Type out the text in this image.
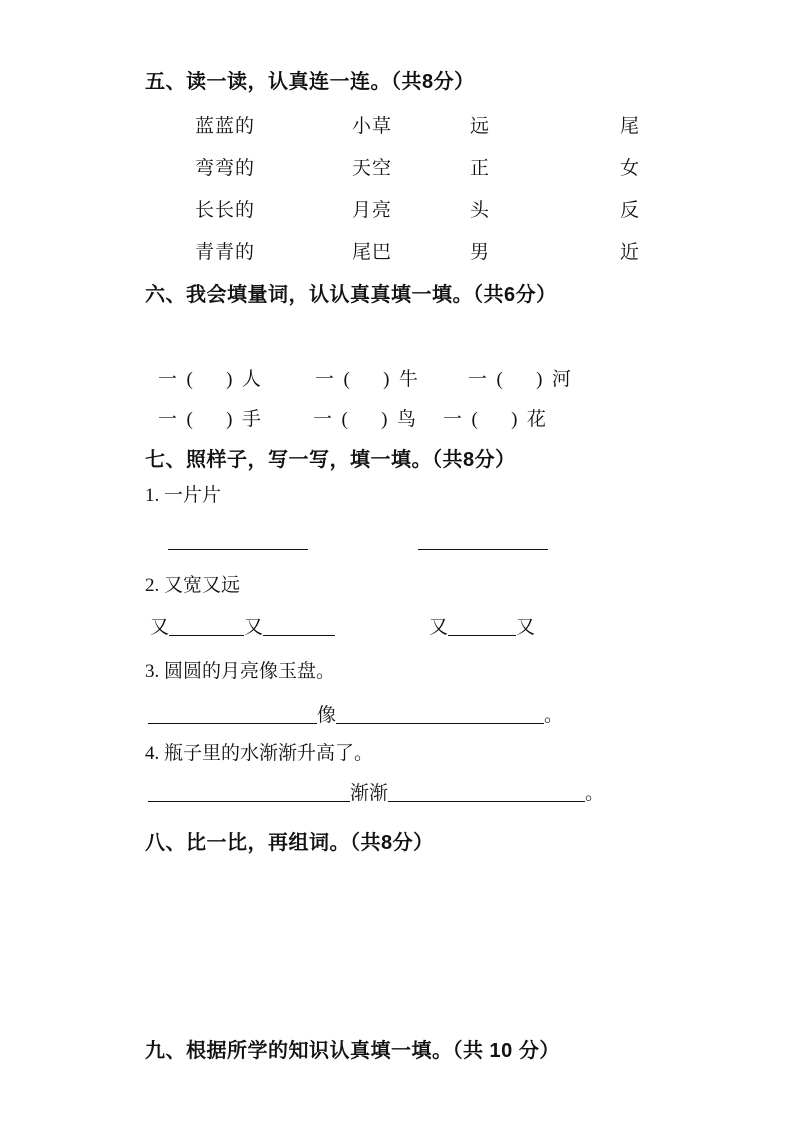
五、读一读，认真连一连。（共8分）
蓝蓝的	小草	远	尾
弯弯的	天空	正	女
长长的	月亮	头	反
青青的	尾巴	男	近
六、我会填量词，认认真真填一填。（共6分）
一  (       )  人	一  (       )  牛	一  (       )  河
一  (       )  手	一  (       )  鸟	一  (       )  花
七、照样子，写一写，填一填。（共8分）

1. 一片片

2. 又宽又远

又	又	又	又

3. 圆圆的月亮像玉盘。

像	。

4. 瓶子里的水渐渐升高了。

渐渐	。
八、比一比，再组词。（共8分）
九、根据所学的知识认真填一填。（共 10 分）
